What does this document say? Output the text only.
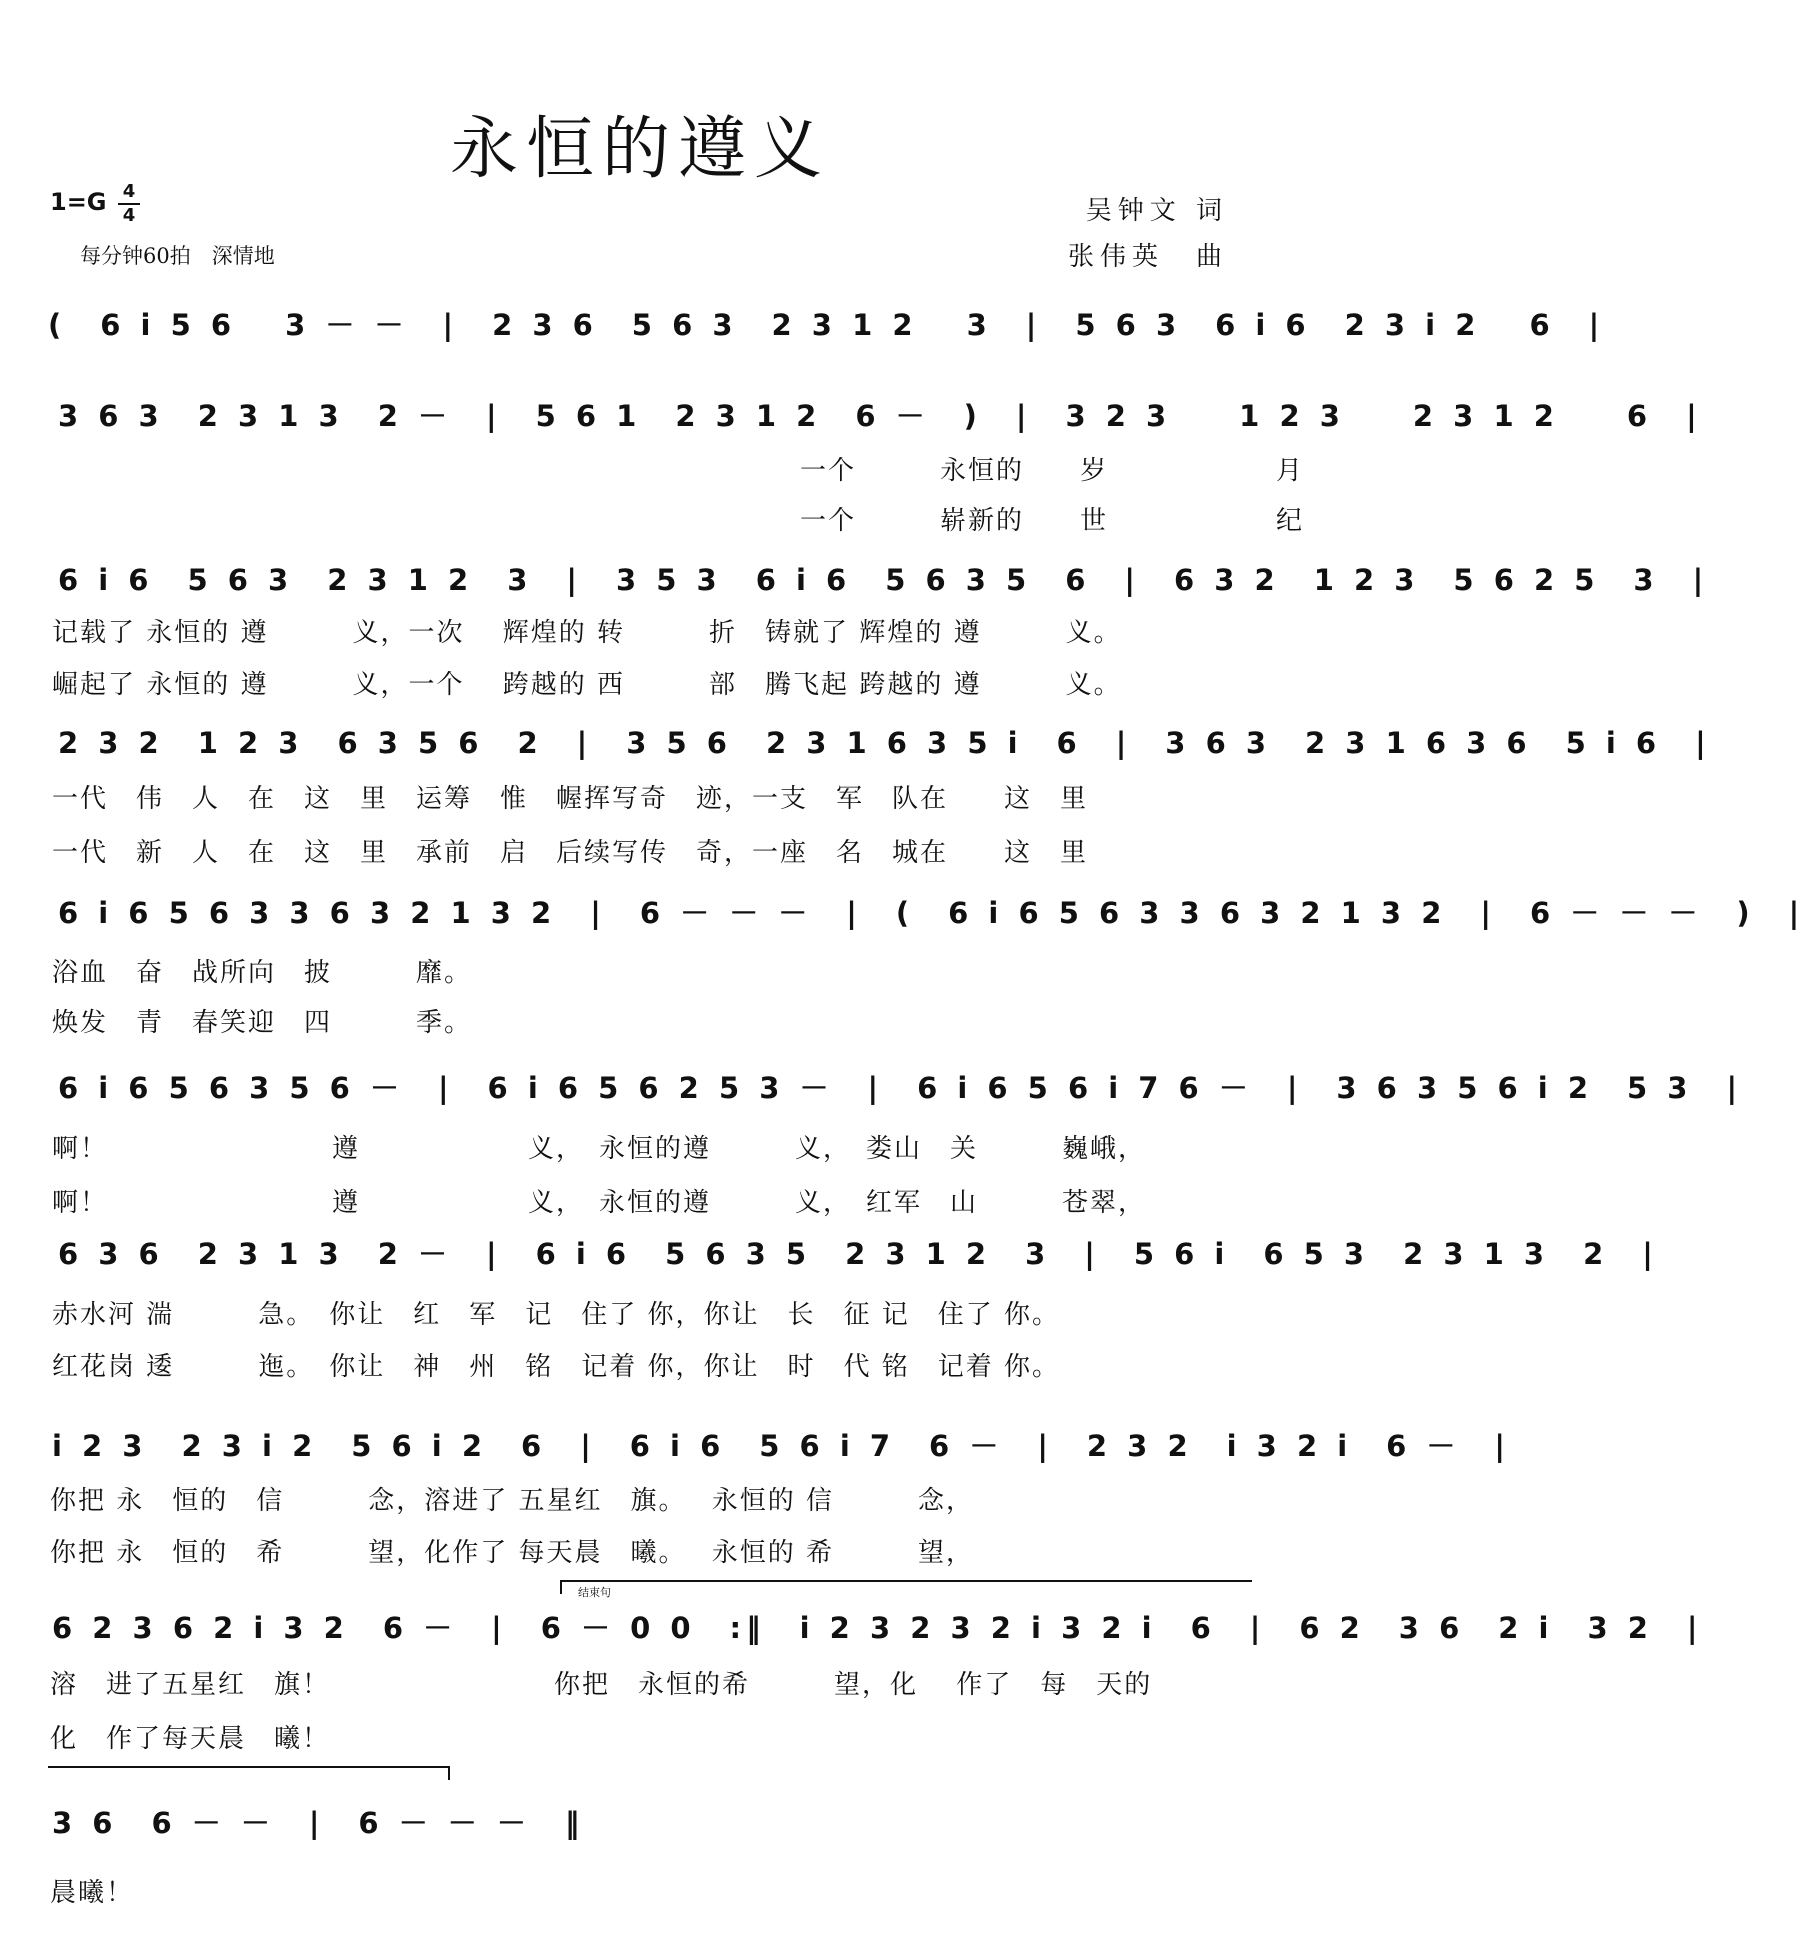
永恒的遵义
1=G 4
4
每分钟60拍　深情地
吴钟文 词
张伟英　曲
(　6 i 5 6　 3 － －　|　2 3 6　5 6 3　2 3 1 2　 3　|　5 6 3　6 i 6　2 3 i 2　 6　|
3 6 3　2 3 1 3　2 －　|　5 6 1　2 3 1 2　6 －　)　|　3 2 3　　1 2 3　　2 3 1 2　　6　|
一个　　　永恒的　　岁　　　　　　月
一个　　　崭新的　　世　　　　　　纪
6 i 6　5 6 3　2 3 1 2　3　|　3 5 3　6 i 6　5 6 3 5　6　|　6 3 2　1 2 3　5 6 2 5　3　|
记载了 永恒的 遵　　　义，一次　 辉煌的 转　　　折　铸就了 辉煌的 遵　　　义。
崛起了 永恒的 遵　　　义，一个　 跨越的 西　　　部　腾飞起 跨越的 遵　　　义。
2 3 2　1 2 3　6 3 5 6　2　|　3 5 6　2 3 1 6 3 5 i　6　|　3 6 3　2 3 1 6 3 6　5 i 6　|
一代　伟　人　在　这　里　运筹　惟　幄挥写奇　迹，一支　军　队在　　这　里
一代　新　人　在　这　里　承前　启　后续写传　奇，一座　名　城在　　这　里
6 i 6 5 6 3 3 6 3 2 1 3 2　|　6 － － －　|　(　6 i 6 5 6 3 3 6 3 2 1 3 2　|　6 － － －　)　|
浴血　奋　战所向　披　　　靡。
焕发　青　春笑迎　四　　　季。
6 i 6 5 6 3 5 6 －　|　6 i 6 5 6 2 5 3 －　|　6 i 6 5 6 i 7 6 －　|　3 6 3 5 6 i 2　5 3　|
啊！　　　　　　　　遵　　　　　　义，　永恒的遵　　　义，　娄山　关　　　巍峨，
啊！　　　　　　　　遵　　　　　　义，　永恒的遵　　　义，　红军　山　　　苍翠，
6 3 6　2 3 1 3　2 －　|　6 i 6　5 6 3 5　2 3 1 2　3　|　5 6 i　6 5 3　2 3 1 3　2　|
赤水河 湍　　　急。　你让　红　军　记　住了 你，你让　长　征 记　住了 你。
红花岗 逶　　　迤。　你让　神　州　铭　记着 你，你让　时　代 铭　记着 你。
i 2 3　2 3 i 2　5 6 i 2　6　|　6 i 6　5 6 i 7　6 －　|　2 3 2　i 3 2 i　6 －　|
你把 永　恒的　信　　　念，溶进了 五星红　旗。　 永恒的 信　　　念，
你把 永　恒的　希　　　望，化作了 每天晨　曦。　 永恒的 希　　　望，
结束句
6 2 3 6 2 i 3 2　6 －　|　6 － 0 0　:‖　i 2 3 2 3 2 i 3 2 i　6　|　6 2　3 6　2 i　3 2　|
溶　进了五星红　旗！　　　　　　　　你把　永恒的希　　　望，化　 作了　每　天的
化　作了每天晨　曦！
3 6　6 － －　|　6 － － －　‖
晨曦！
